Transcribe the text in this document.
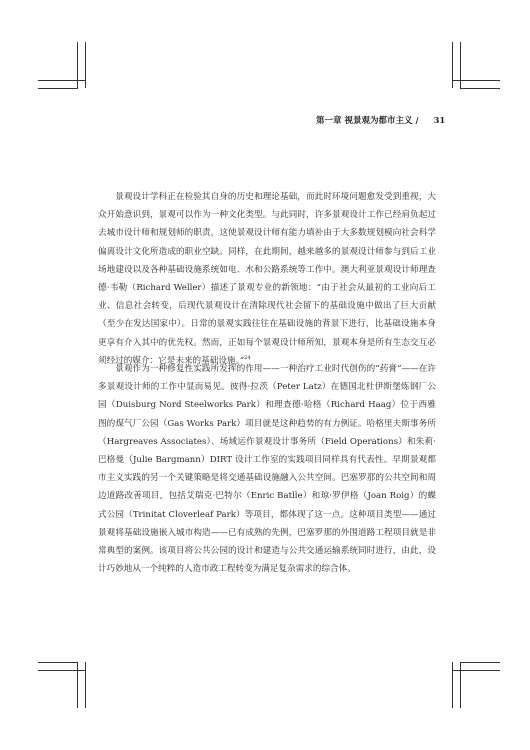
第一章 视景观为都市主义 / 31

景观设计学科正在检验其自身的历史和理论基础，而此时环境问题愈发受到重视，大众开始意识到，景观可以作为一种文化类型。与此同时，许多景观设计工作已经肩负起过去城市设计师和规划师的职责，这使景观设计师有能力填补由于大多数规划模向社会科学偏离设计文化所造成的职业空缺。同样，在此期间，越来越多的景观设计师参与到后工业场地建设以及各种基础设施系统如电、水和公路系统等工作中。澳大利亚景观设计师理查德·韦勒（Richard Weller）描述了景观专业的新领地：“由于社会从最初的工业向后工业、信息社会转变，后现代景观设计在清除现代社会留下的基础设施中做出了巨大贡献（至少在发达国家中）。日常的景观实践往往在基础设施的背景下进行，比基础设施本身更享有介入其中的优先权。然而，正如每个景观设计师所知，景观本身是所有生态交互必须经过的媒介：它是未来的基础设施。”$^{24}$

景观作为一种修复性实践所发挥的作用——一种治疗工业时代创伤的“药膏”——在许多景观设计师的工作中显而易见。彼得·拉茨（Peter Latz）在德国北杜伊斯堡炼钢厂公园（Duisburg Nord Steelworks Park）和理查德·哈格（Richard Haag）位于西雅图的煤气厂公园（Gas Works Park）项目就是这种趋势的有力例证。哈格里夫斯事务所（Hargreaves Associates）、场域运作景观设计事务所（Field Operations）和朱莉·巴格曼（Julie Bargmann）DIRT 设计工作室的实践项目同样具有代表性。早期景观都市主义实践的另一个关键策略是将交通基础设施融入公共空间。巴塞罗那的公共空间和周边道路改善项目，包括艾瑞克·巴特尔（Enric Batlle）和琼·罗伊格（Joan Roig）的蝶式公园（Trinitat Cloverleaf Park）等项目，都体现了这一点。这种项目类型——通过景观将基础设施嵌入城市构造——已有成熟的先例，巴塞罗那的外围道路工程项目就是非常典型的案例。该项目将公共公园的设计和建造与公共交通运输系统同时进行，由此，设计巧妙地从一个纯粹的人造市政工程转变为满足复杂需求的综合体。
